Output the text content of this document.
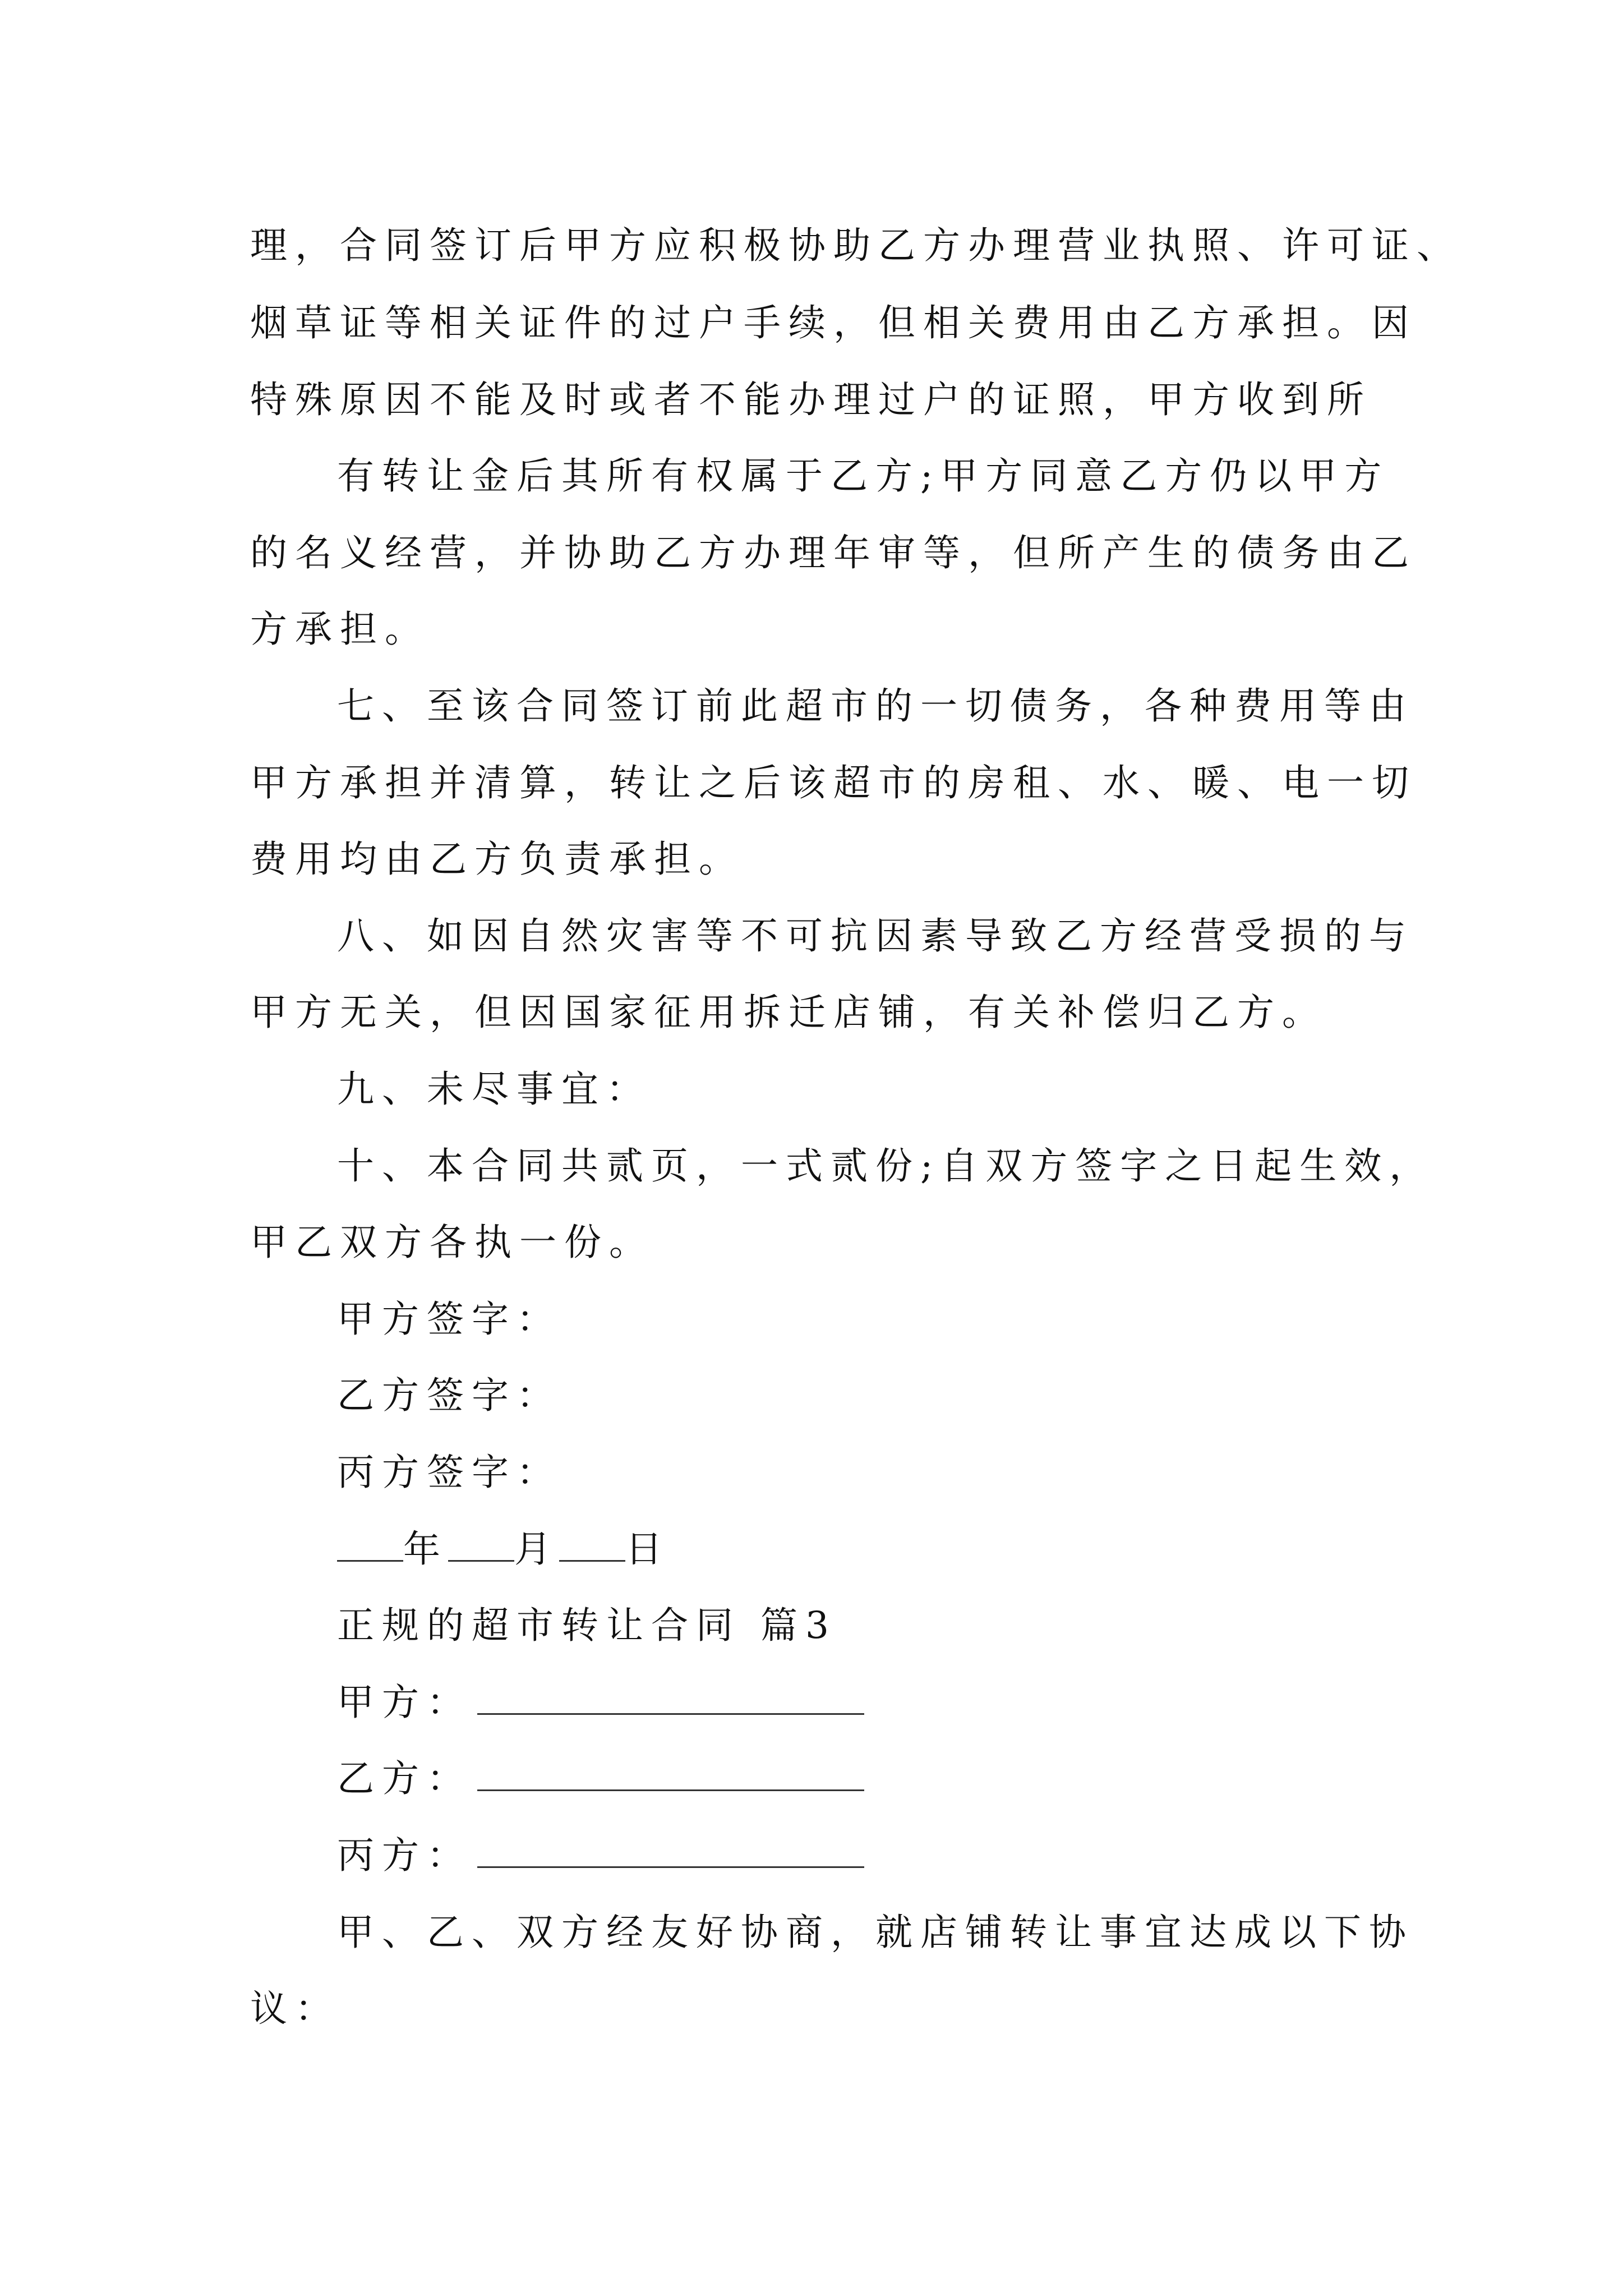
理，合同签订后甲方应积极协助乙方办理营业执照、许可证、
烟草证等相关证件的过户手续，但相关费用由乙方承担。因
特殊原因不能及时或者不能办理过户的证照，甲方收到所
有转让金后其所有权属于乙方;甲方同意乙方仍以甲方
的名义经营，并协助乙方办理年审等，但所产生的债务由乙
方承担。
七、至该合同签订前此超市的一切债务，各种费用等由
甲方承担并清算，转让之后该超市的房租、水、暖、电一切
费用均由乙方负责承担。
八、如因自然灾害等不可抗因素导致乙方经营受损的与
甲方无关，但因国家征用拆迁店铺，有关补偿归乙方。
九、未尽事宜：
十、本合同共贰页，一式贰份;自双方签字之日起生效，
甲乙双方各执一份。
甲方签字：
乙方签字：
丙方签字：
年 月 日
正规的超市转让合同 篇3
甲方：
乙方：
丙方：
甲、乙、双方经友好协商，就店铺转让事宜达成以下协
议：
